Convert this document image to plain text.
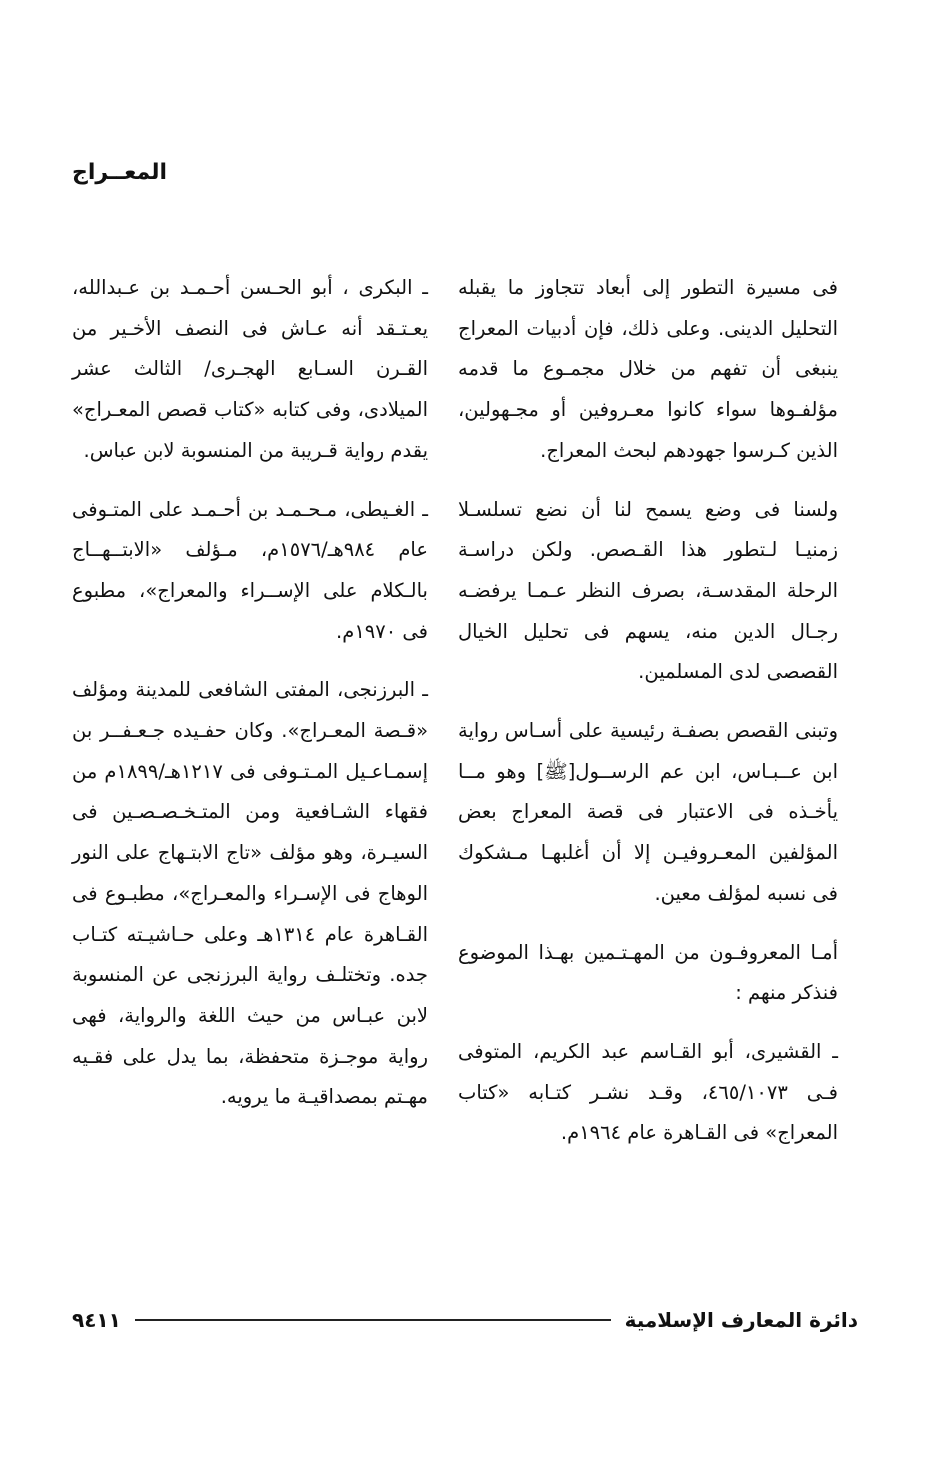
المعــراج

فى مسيرة التطور إلى أبعاد تتجاوز ما يقبله التحليل الدينى. وعلى ذلك، فإن أدبيات المعراج ينبغى أن تفهم من خلال مجمـوع ما قدمه مؤلفـوها سواء كانوا معـروفين أو مجـهولين، الذين كـرسوا جهودهم لبحث المعراج.

ولسنا فى وضع يسمح لنا أن نضع تسلسـلا زمنيـا لـتطور هذا القـصص. ولكن دراسـة الرحلة المقدسـة، بصرف النظر عـمـا يرفضـه رجـال الدين منه، يسهم فى تحليل الخيال القصصى لدى المسلمين.

وتبنى القصص بصفـة رئيسية على أسـاس رواية ابن عــبـاس، ابن عم الرســول[ﷺ] وهو مــا يأخـذه فى الاعتبار فى قصة المعراج بعض المؤلفين المعـروفيـن إلا أن أغلبهـا مـشكوك فى نسبه لمؤلف معين.

أمـا المعروفـون من المهـتـمين بهـذا الموضوع فنذكر منهم :

ـ القشيرى، أبو القـاسم عبد الكريم، المتوفى فـى ٤٦٥/١٠٧٣، وقـد نشـر كتـابه «كتاب المعراج» فى القـاهرة عام ١٩٦٤م.

ـ البكرى ، أبو الحـسن أحـمـد بن عـبدالله، يعـتـقد أنه عـاش فى النصف الأخـير من القـرن السـابع الهجـرى/ الثالث عشر الميلادى، وفى كتابه «كتاب قصص المعـراج» يقدم رواية قـريبة من المنسوبة لابن عباس.

ـ الغـيطى، مـحـمـد بن أحـمـد على المتـوفى عام ٩٨٤هـ/١٥٧٦م، مـؤلف «الابتــهــاج بالـكلام على الإســراء والمعراج»، مطبوع فى ١٩٧٠م.

ـ البرزنجى، المفتى الشافعى للمدينة ومؤلف «قـصة المعـراج». وكان حفـيده جـعـفــر بن إسمـاعـيل المـتـوفى فى ١٢١٧هـ/١٨٩٩م من فقهاء الشـافعية ومن المتـخـصـصـين فى السيـرة، وهو مؤلف «تاج الابتـهاج على النور الوهاج فى الإسـراء والمعـراج»، مطبـوع فى القـاهرة عام ١٣١٤هـ وعلى حـاشيـته كتـاب جده. وتختلـف رواية البرزنجى عن المنسوبة لابن عبـاس من حيث اللغة والرواية، فهى رواية موجـزة متحفظة، بما يدل على فقـيه مهـتم بمصداقيـة ما يرويه.

دائرة المعارف الإسلامية
٩٤١١
